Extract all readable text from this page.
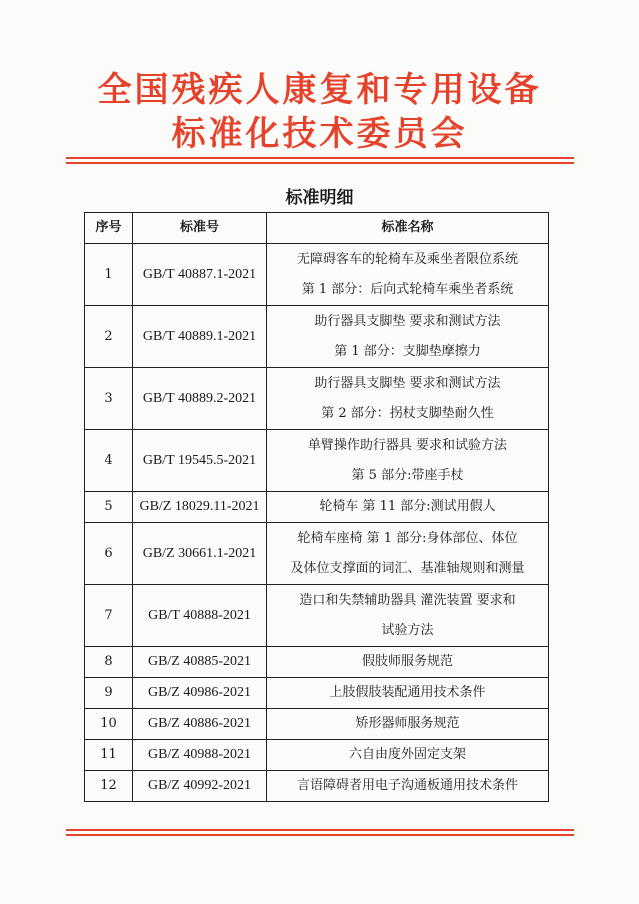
全国残疾人康复和专用设备
标准化技术委员会
标准明细
序号	标准号	标准名称
1	GB/T 40887.1-2021	无障碍客车的轮椅车及乘坐者限位系统
第 1 部分：后向式轮椅车乘坐者系统

2	GB/T 40889.1-2021	助行器具支脚垫 要求和测试方法
第 1 部分：支脚垫摩擦力

3	GB/T 40889.2-2021	助行器具支脚垫 要求和测试方法
第 2 部分：拐杖支脚垫耐久性

4	GB/T 19545.5-2021	单臂操作助行器具 要求和试验方法
第 5 部分:带座手杖

5	GB/Z 18029.11-2021	轮椅车 第 11 部分:测试用假人

6	GB/Z 30661.1-2021	轮椅车座椅 第 1 部分:身体部位、体位
及体位支撑面的词汇、基准轴规则和测量

7	GB/T 40888-2021	造口和失禁辅助器具 灌洗装置 要求和
试验方法

8	GB/Z 40885-2021	假肢师服务规范

9	GB/Z 40986-2021	上肢假肢装配通用技术条件

10	GB/Z 40886-2021	矫形器师服务规范

11	GB/Z 40988-2021	六自由度外固定支架

12	GB/Z 40992-2021	言语障碍者用电子沟通板通用技术条件
